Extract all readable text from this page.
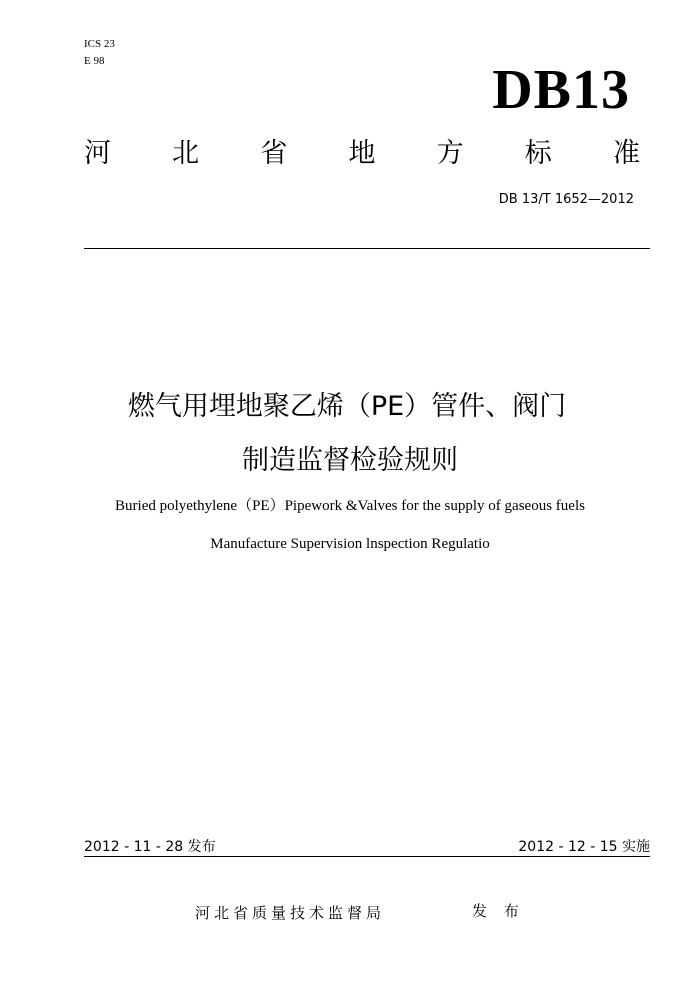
ICS 23
E 98	DB13
河 北 省 地 方 标 准
DB 13/T 1652—2012
燃气用埋地聚乙烯（PE）管件、阀门
制造监督检验规则
Buried polyethylene（PE）Pipework &Valves for the supply of gaseous fuels
Manufacture Supervision lnspection Regulatio
2012 - 11 - 28 发布	2012 - 12 - 15 实施
河北省质量技术监督局	发 布
